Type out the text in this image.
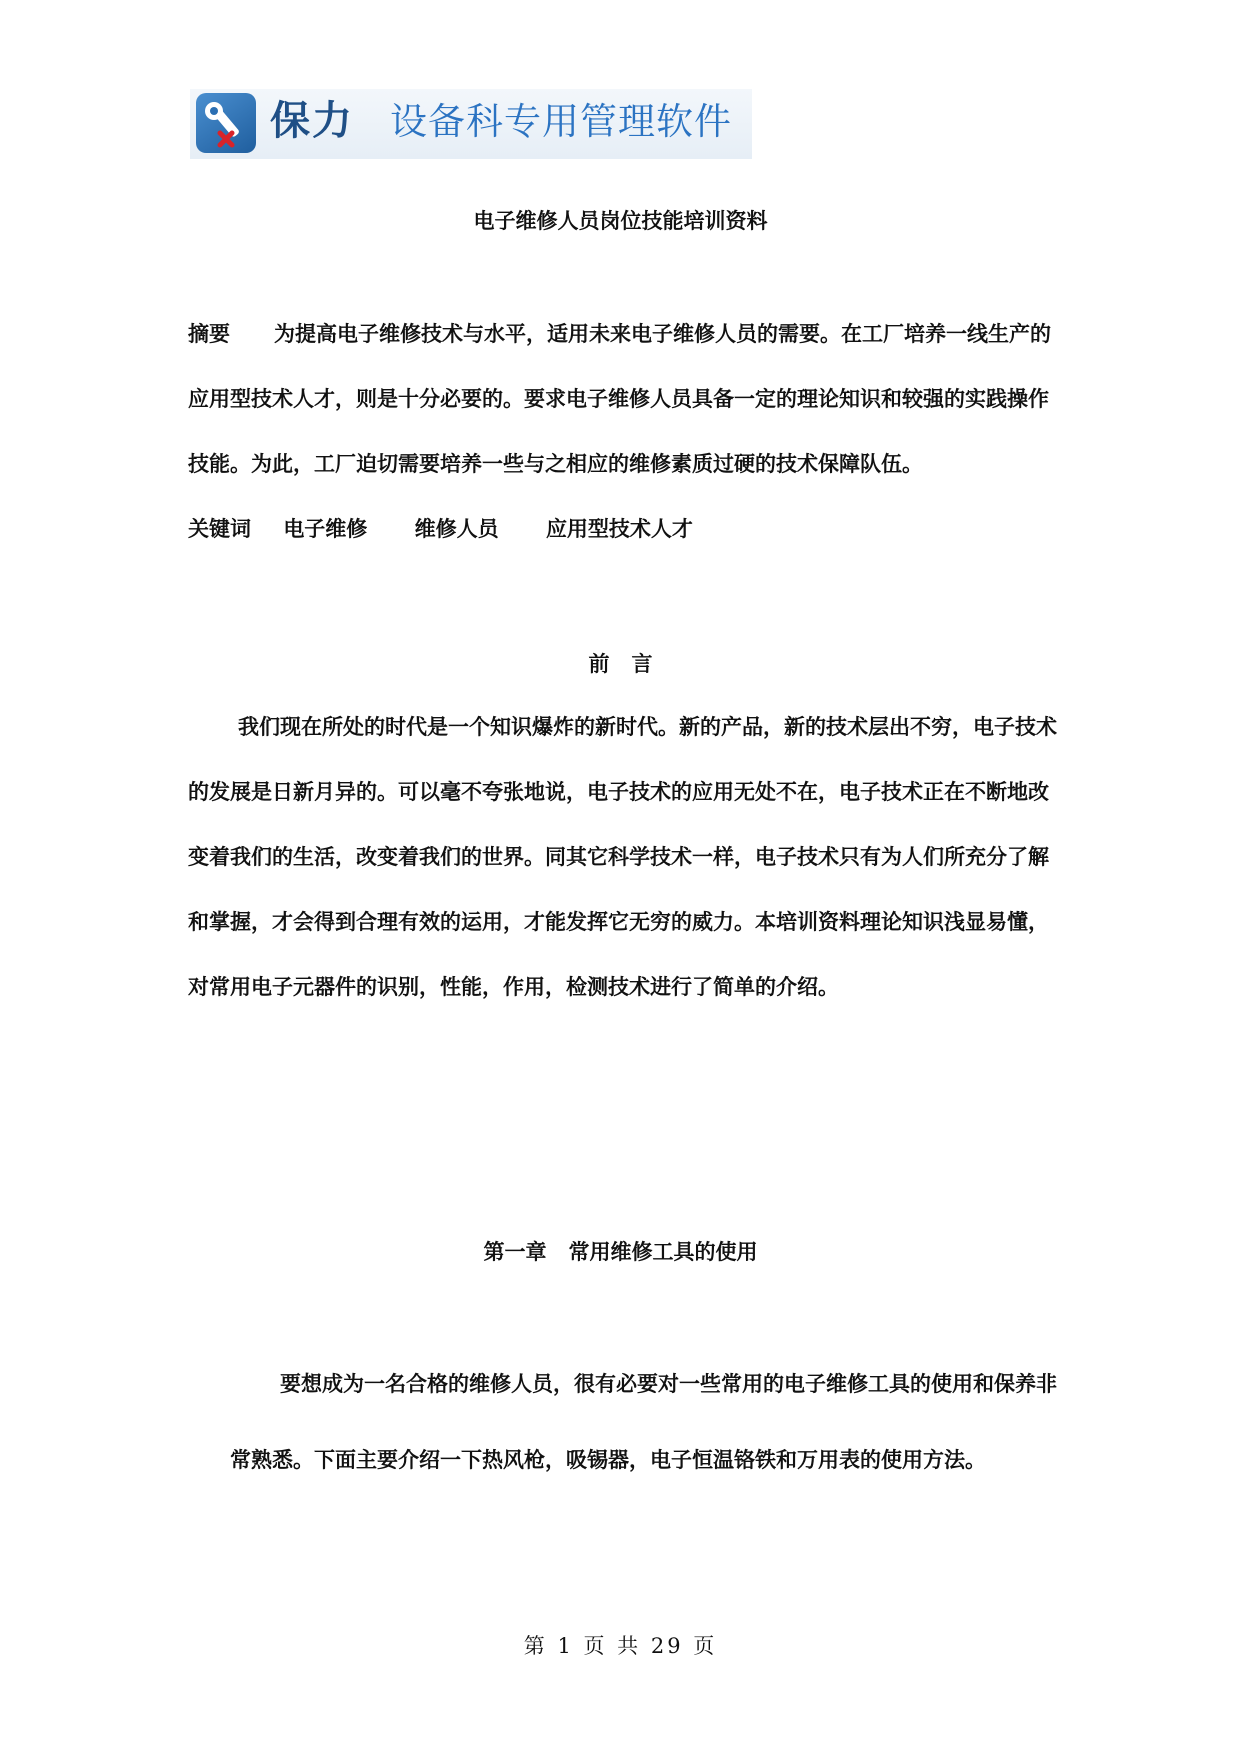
保力 设备科专用管理软件
电子维修人员岗位技能培训资料

摘要 为提高电子维修技术与水平，适用未来电子维修人员的需要。在工厂培养一线生产的应用型技术人才，则是十分必要的。要求电子维修人员具备一定的理论知识和较强的实践操作技能。为此，工厂迫切需要培养一些与之相应的维修素质过硬的技术保障队伍。

关键词 电子维修 维修人员 应用型技术人才
前言

我们现在所处的时代是一个知识爆炸的新时代。新的产品，新的技术层出不穷，电子技术的发展是日新月异的。可以毫不夸张地说，电子技术的应用无处不在，电子技术正在不断地改变着我们的生活，改变着我们的世界。同其它科学技术一样，电子技术只有为人们所充分了解和掌握，才会得到合理有效的运用，才能发挥它无穷的威力。本培训资料理论知识浅显易懂，对常用电子元器件的识别，性能，作用，检测技术进行了简单的介绍。

第一章 常用维修工具的使用

要想成为一名合格的维修人员，很有必要对一些常用的电子维修工具的使用和保养非常熟悉。下面主要介绍一下热风枪，吸锡器，电子恒温铬铁和万用表的使用方法。

第 1 页 共 29 页
